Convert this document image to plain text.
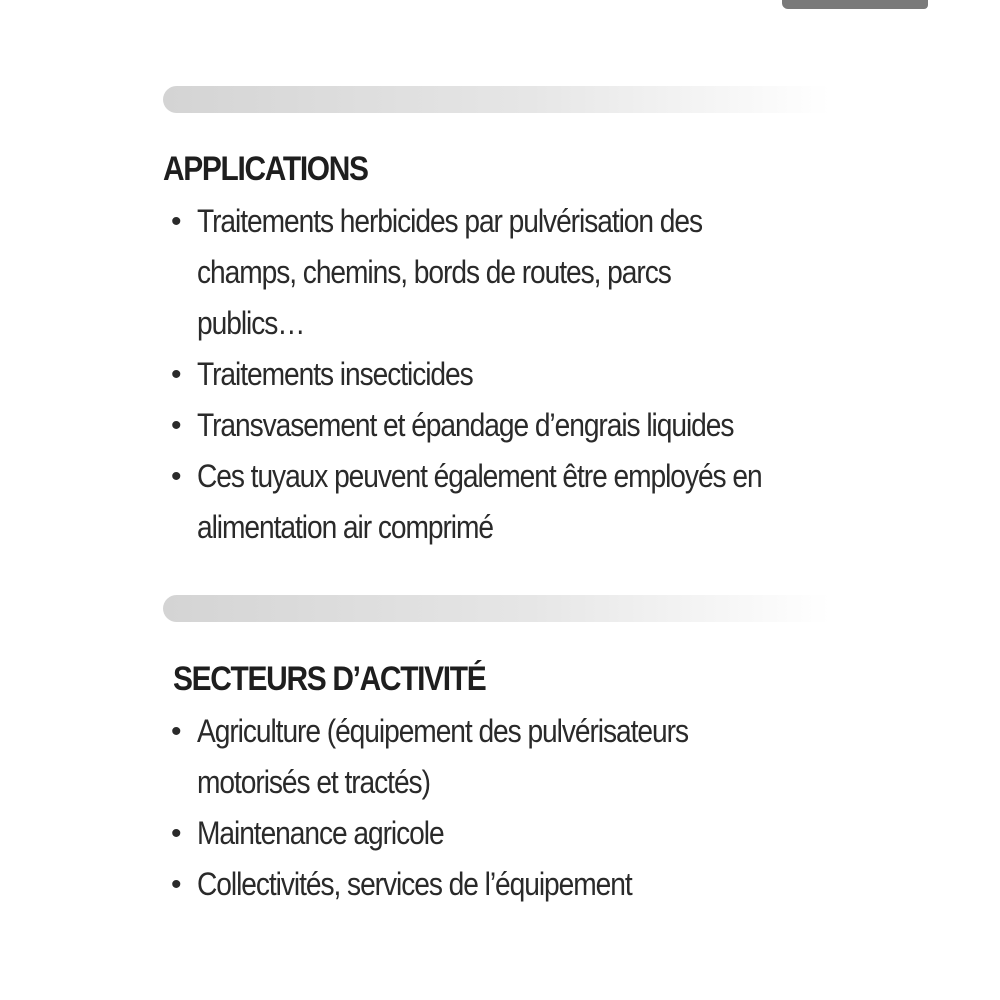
APPLICATIONS
• Traitements herbicides par pulvérisation des
champs, chemins, bords de routes, parcs
publics…
• Traitements insecticides
• Transvasement et épandage d’engrais liquides
• Ces tuyaux peuvent également être employés en
alimentation air comprimé
SECTEURS D’ACTIVITÉ
• Agriculture (équipement des pulvérisateurs
motorisés et tractés)
• Maintenance agricole
• Collectivités, services de l’équipement
